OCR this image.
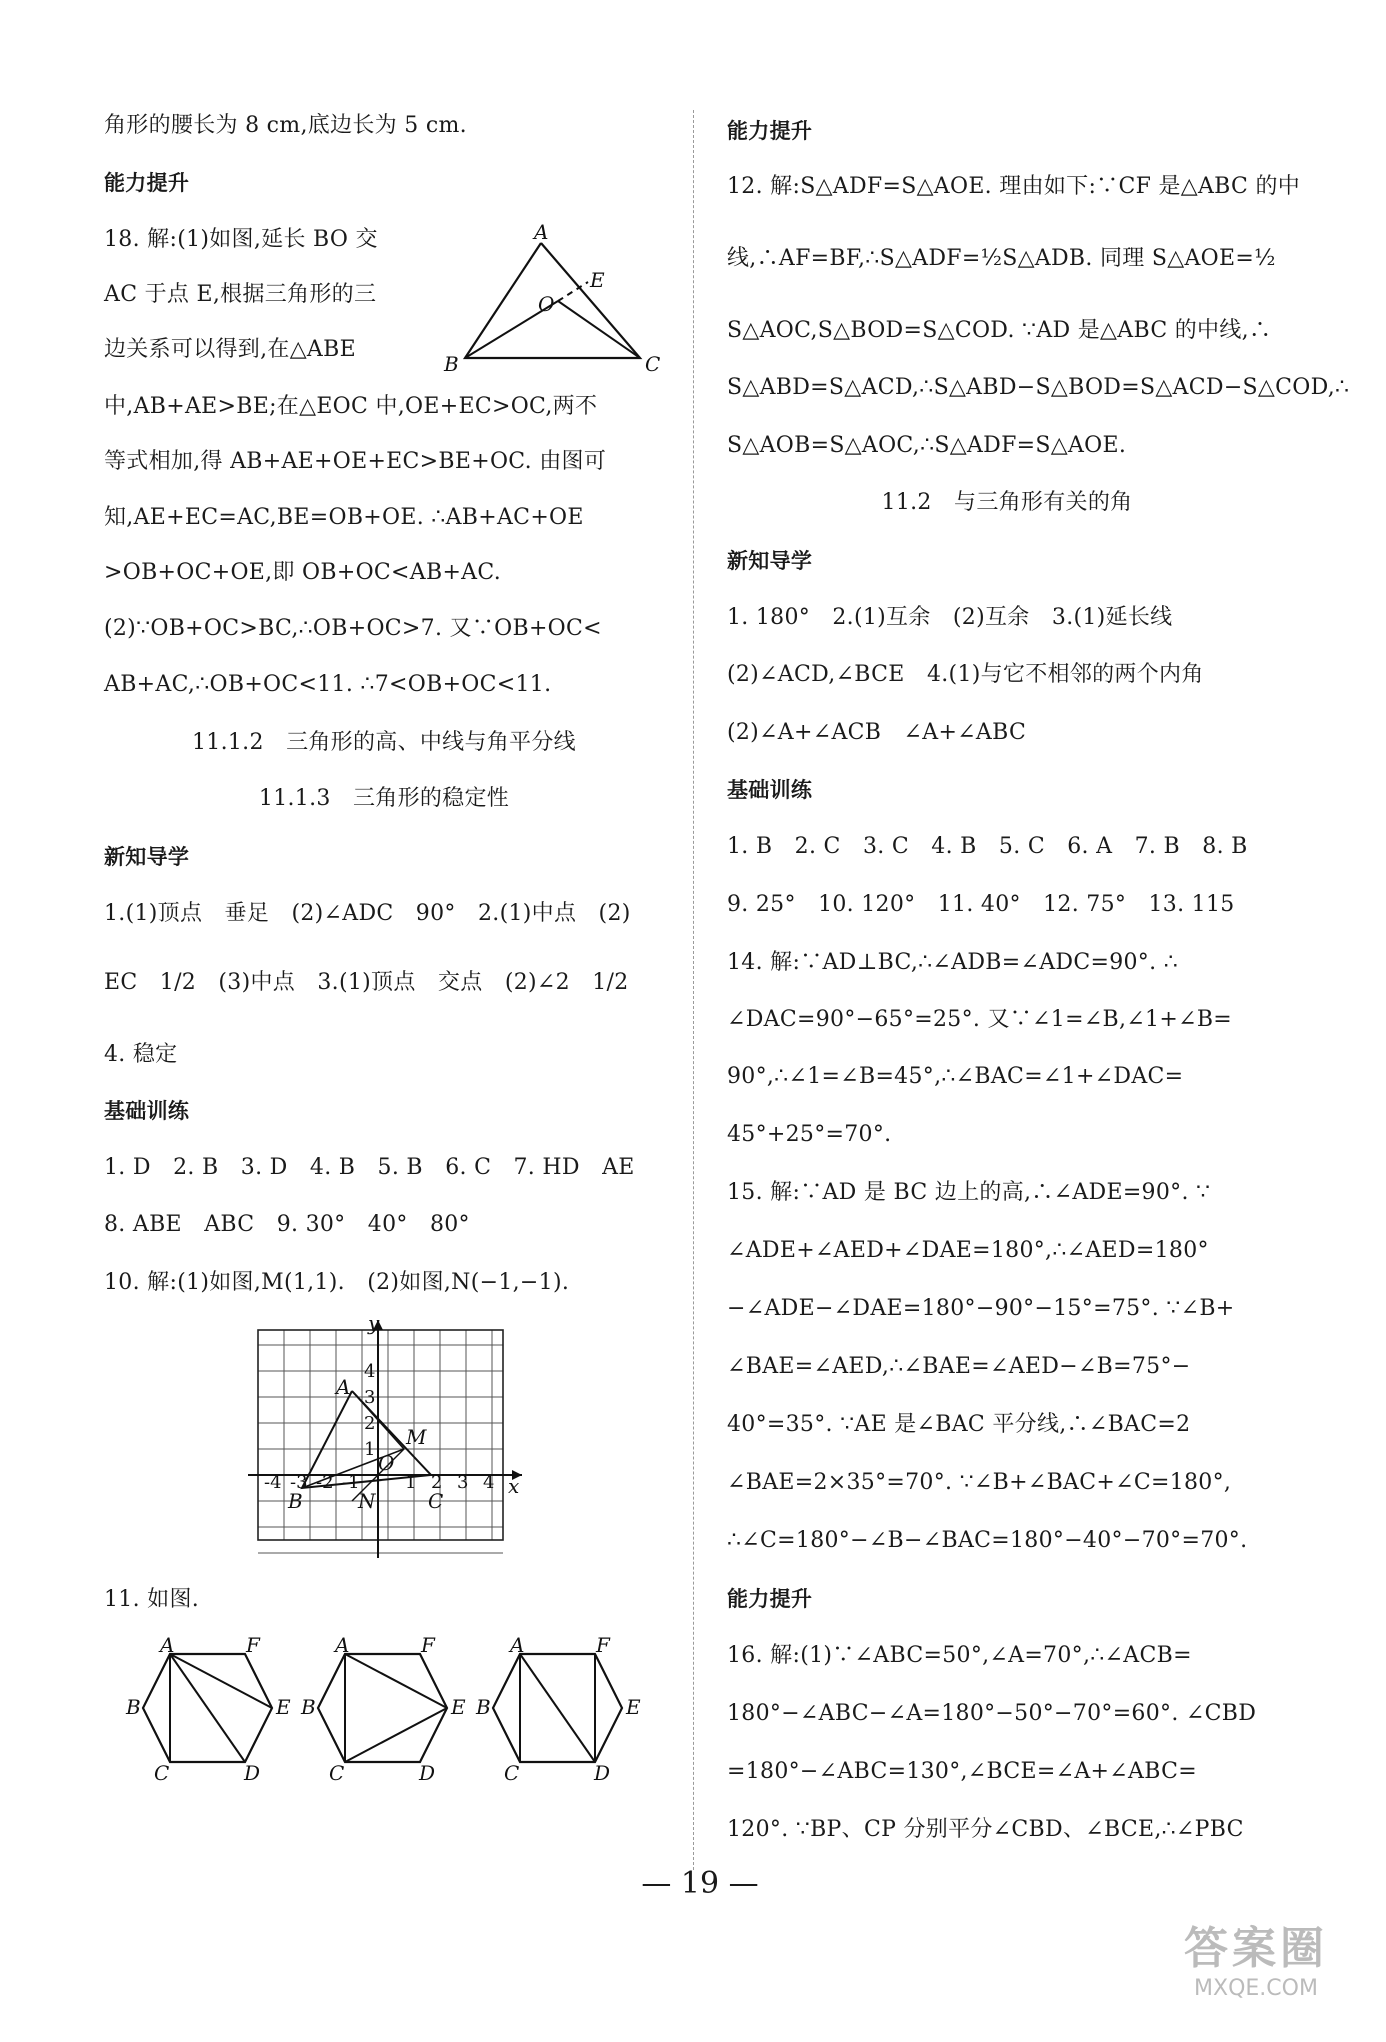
角形的腰长为 8 cm,底边长为 5 cm.
能力提升
18. 解:(1)如图,延长 BO 交
AC 于点 E,根据三角形的三
边关系可以得到,在△ABE
中,AB+AE>BE;在△EOC 中,OE+EC>OC,两不
等式相加,得 AB+AE+OE+EC>BE+OC. 由图可
知,AE+EC=AC,BE=OB+OE. ∴AB+AC+OE
>OB+OC+OE,即 OB+OC<AB+AC.
(2)∵OB+OC>BC,∴OB+OC>7. 又∵OB+OC<
AB+AC,∴OB+OC<11. ∴7<OB+OC<11.
11.1.2　三角形的高、中线与角平分线
11.1.3　三角形的稳定性
新知导学
1.(1)顶点　垂足　(2)∠ADC　90°　2.(1)中点　(2)
EC　1/2　(3)中点　3.(1)顶点　交点　(2)∠2　1/2
4. 稳定
基础训练
1. D　2. B　3. D　4. B　5. B　6. C　7. HD　AE
8. ABE　ABC　9. 30°　40°　80°
10. 解:(1)如图,M(1,1).　(2)如图,N(−1,−1).
11. 如图.
能力提升
12. 解:S△ADF=S△AOE. 理由如下:∵CF 是△ABC 的中
线,∴AF=BF,∴S△ADF=½S△ADB. 同理 S△AOE=½
S△AOC,S△BOD=S△COD. ∵AD 是△ABC 的中线,∴
S△ABD=S△ACD,∴S△ABD−S△BOD=S△ACD−S△COD,∴
S△AOB=S△AOC,∴S△ADF=S△AOE.
11.2　与三角形有关的角
新知导学
1. 180°　2.(1)互余　(2)互余　3.(1)延长线
(2)∠ACD,∠BCE　4.(1)与它不相邻的两个内角
(2)∠A+∠ACB　∠A+∠ABC
基础训练
1. B　2. C　3. C　4. B　5. C　6. A　7. B　8. B
9. 25°　10. 120°　11. 40°　12. 75°　13. 115
14. 解:∵AD⊥BC,∴∠ADB=∠ADC=90°. ∴
∠DAC=90°−65°=25°. 又∵∠1=∠B,∠1+∠B=
90°,∴∠1=∠B=45°,∴∠BAC=∠1+∠DAC=
45°+25°=70°.
15. 解:∵AD 是 BC 边上的高,∴∠ADE=90°. ∵
∠ADE+∠AED+∠DAE=180°,∴∠AED=180°
−∠ADE−∠DAE=180°−90°−15°=75°. ∵∠B+
∠BAE=∠AED,∴∠BAE=∠AED−∠B=75°−
40°=35°. ∵AE 是∠BAC 平分线,∴∠BAC=2
∠BAE=2×35°=70°. ∵∠B+∠BAC+∠C=180°,
∴∠C=180°−∠B−∠BAC=180°−40°−70°=70°.
能力提升
16. 解:(1)∵∠ABC=50°,∠A=70°,∴∠ACB=
180°−∠ABC−∠A=180°−50°−70°=60°. ∠CBD
=180°−∠ABC=130°,∠BCE=∠A+∠ABC=
120°. ∵BP、CP 分别平分∠CBD、∠BCE,∴∠PBC
A
B	C
E
O
y
x
O
A
B	C
M
N
4
3
2
1
-4 -3 -2 -1	1 2 3 4
A	F
B	E
C	D
A	F
B	E
C	D
A	F
B	E
C	D
— 19 —
答案圈
MXQE.COM
